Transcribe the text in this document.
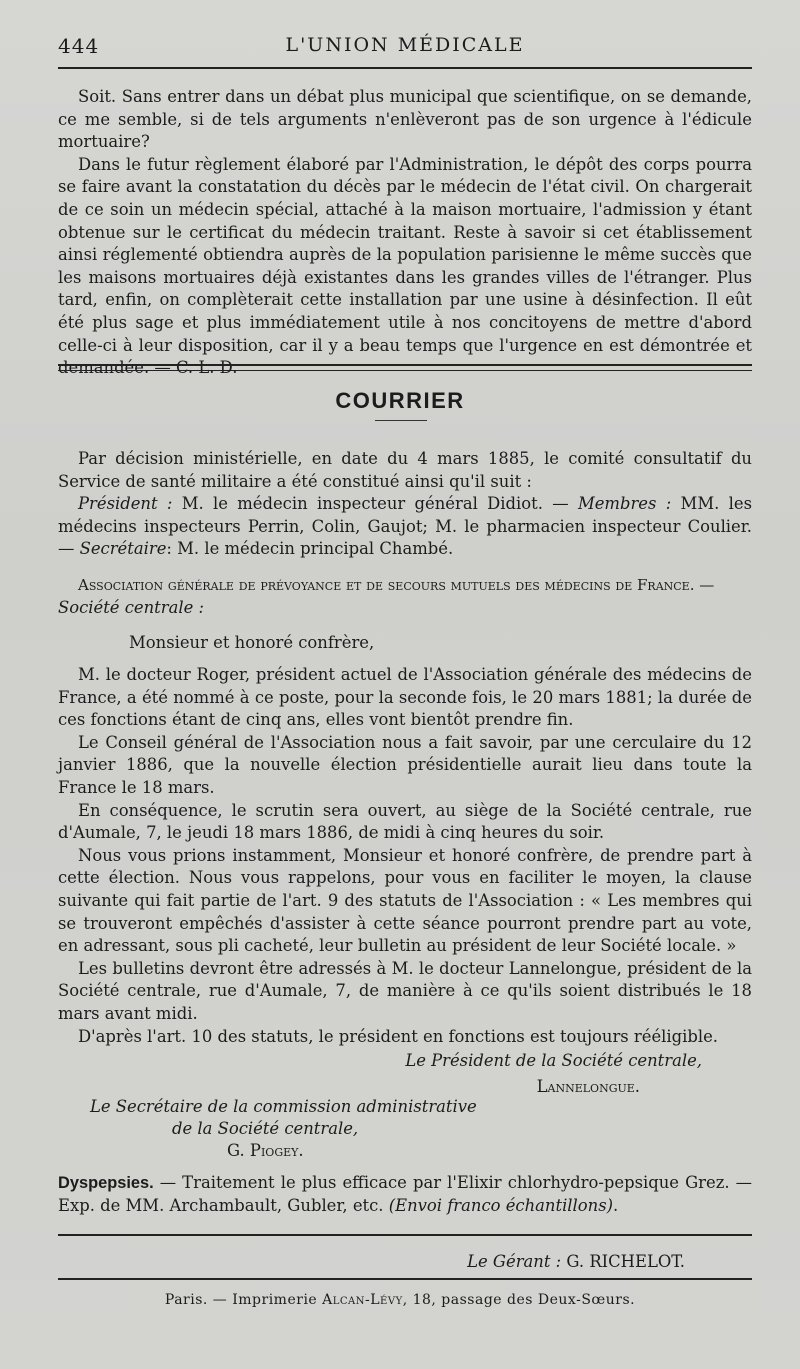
444	L'UNION MÉDICALE

Soit. Sans entrer dans un débat plus municipal que scientifique, on se demande, ce me semble, si de tels arguments n'enlèveront pas de son urgence à l'édicule mortuaire?

Dans le futur règlement élaboré par l'Administration, le dépôt des corps pourra se faire avant la constatation du décès par le médecin de l'état civil. On chargerait de ce soin un médecin spécial, attaché à la maison mortuaire, l'admission y étant obtenue sur le certificat du médecin traitant. Reste à savoir si cet établissement ainsi réglementé obtiendra auprès de la population parisienne le même succès que les maisons mortuaires déjà existantes dans les grandes villes de l'étranger. Plus tard, enfin, on complèterait cette installation par une usine à désinfection. Il eût été plus sage et plus immédiatement utile à nos concitoyens de mettre d'abord celle-ci à leur disposition, car il y a beau temps que l'urgence en est démontrée et demandée. — C. L. D.

COURRIER

Par décision ministérielle, en date du 4 mars 1885, le comité consultatif du Service de santé militaire a été constitué ainsi qu'il suit :

Président : M. le médecin inspecteur général Didiot. — Membres : MM. les médecins inspecteurs Perrin, Colin, Gaujot; M. le pharmacien inspecteur Coulier. — Secrétaire: M. le médecin principal Chambé.

Association générale de prévoyance et de secours mutuels des médecins de France. —
Société centrale :

Monsieur et honoré confrère,

M. le docteur Roger, président actuel de l'Association générale des médecins de France, a été nommé à ce poste, pour la seconde fois, le 20 mars 1881; la durée de ces fonctions étant de cinq ans, elles vont bientôt prendre fin.

Le Conseil général de l'Association nous a fait savoir, par une cerculaire du 12 janvier 1886, que la nouvelle élection présidentielle aurait lieu dans toute la France le 18 mars.

En conséquence, le scrutin sera ouvert, au siège de la Société centrale, rue d'Aumale, 7, le jeudi 18 mars 1886, de midi à cinq heures du soir.

Nous vous prions instamment, Monsieur et honoré confrère, de prendre part à cette élection. Nous vous rappelons, pour vous en faciliter le moyen, la clause suivante qui fait partie de l'art. 9 des statuts de l'Association : « Les membres qui se trouveront empêchés d'assister à cette séance pourront prendre part au vote, en adressant, sous pli cacheté, leur bulletin au président de leur Société locale. »

Les bulletins devront être adressés à M. le docteur Lannelongue, président de la Société centrale, rue d'Aumale, 7, de manière à ce qu'ils soient distribués le 18 mars avant midi.

D'après l'art. 10 des statuts, le président en fonctions est toujours rééligible.

Le Président de la Société centrale,
Lannelongue.
Le Secrétaire de la commission administrative
de la Société centrale,
G. Piogey.
Dyspepsies. — Traitement le plus efficace par l'Elixir chlorhydro-pepsique Grez. — Exp. de MM. Archambault, Gubler, etc. (Envoi franco échantillons).
Le Gérant : G. RICHELOT.
Paris. — Imprimerie Alcan-Lévy, 18, passage des Deux-Sœurs.
